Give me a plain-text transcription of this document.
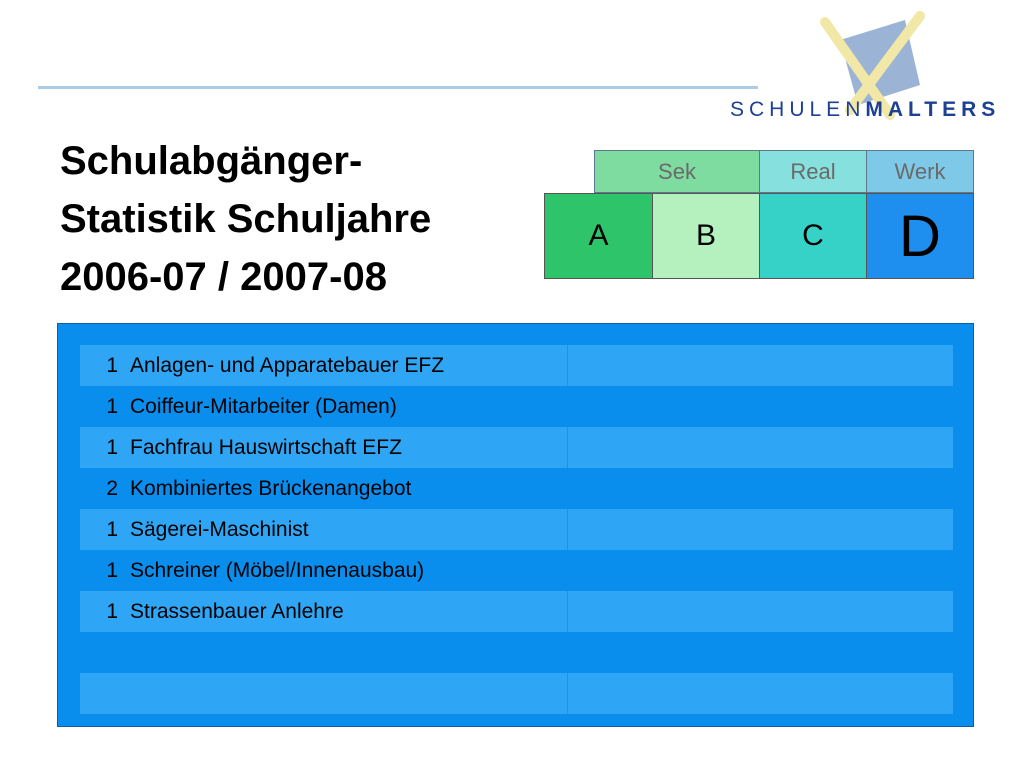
SCHULENMALTERS
Schulabgänger-
Statistik Schuljahre
2006-07 / 2007-08
Sek	Real	Werk
A	B	C	D
1 Anlagen- und Apparatebauer EFZ
1 Coiffeur-Mitarbeiter (Damen)
1 Fachfrau Hauswirtschaft EFZ
2 Kombiniertes Brückenangebot
1 Sägerei-Maschinist
1 Schreiner (Möbel/Innenausbau)
1 Strassenbauer Anlehre
